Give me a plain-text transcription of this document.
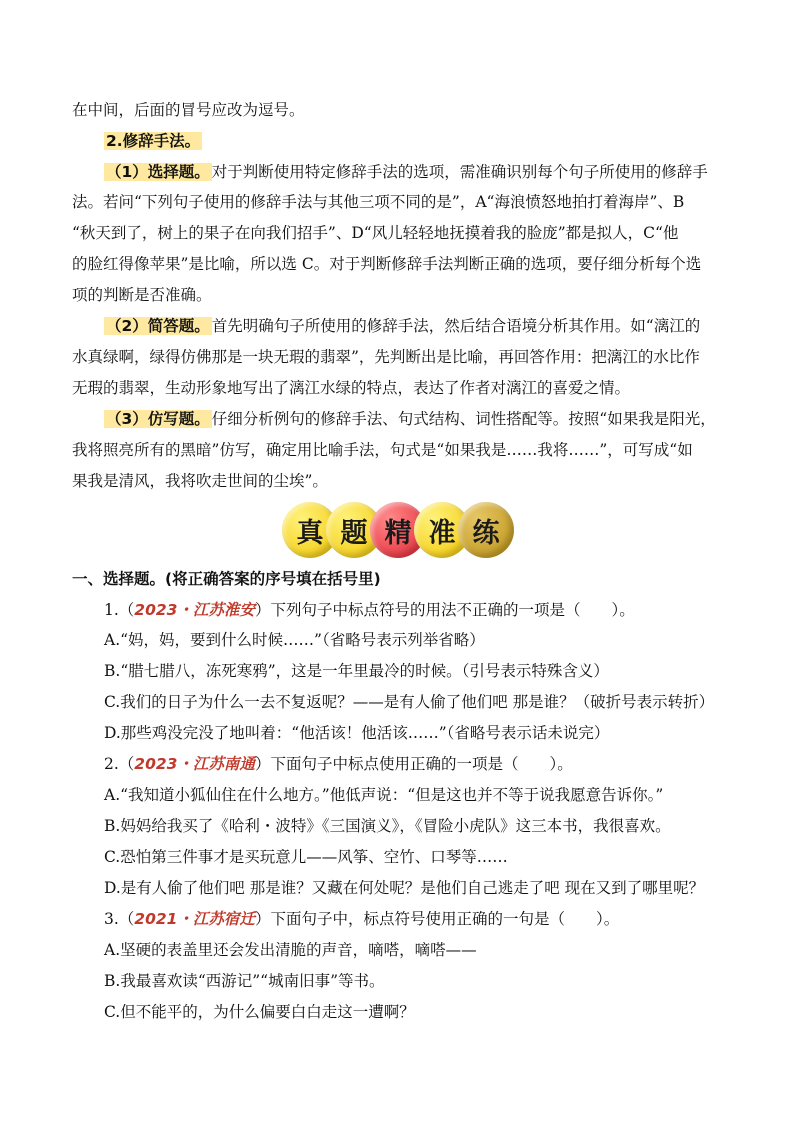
在中间，后面的冒号应改为逗号。
2.修辞手法。
（1）选择题。 对于判断使用特定修辞手法的选项，需准确识别每个句子所使用的修辞手
法。若问“下列句子使用的修辞手法与其他三项不同的是”，A“海浪愤怒地拍打着海岸”、B
“秋天到了，树上的果子在向我们招手”、D“风儿轻轻地抚摸着我的脸庞”都是拟人，C“他
的脸红得像苹果”是比喻，所以选 C。对于判断修辞手法判断正确的选项，要仔细分析每个选
项的判断是否准确。
（2）简答题。 首先明确句子所使用的修辞手法，然后结合语境分析其作用。如“漓江的
水真绿啊，绿得仿佛那是一块无瑕的翡翠”，先判断出是比喻，再回答作用：把漓江的水比作
无瑕的翡翠，生动形象地写出了漓江水绿的特点，表达了作者对漓江的喜爱之情。
（3）仿写题。 仔细分析例句的修辞手法、句式结构、词性搭配等。按照“如果我是阳光，
我将照亮所有的黑暗”仿写，确定用比喻手法，句式是“如果我是……我将……”，可写成“如
果我是清风，我将吹走世间的尘埃”。
真 题 精 准 练
一、选择题。(将正确答案的序号填在括号里)
1.（2023・江苏淮安）下列句子中标点符号的用法不正确的一项是（　　）。
A.“妈，妈，要到什么时候……”（省略号表示列举省略）
B.“腊七腊八，冻死寒鸦”，这是一年里最冷的时候。（引号表示特殊含义）
C.我们的日子为什么一去不复返呢？——是有人偷了他们吧 那是谁？（破折号表示转折）
D.那些鸡没完没了地叫着：“他活该！他活该……”（省略号表示话未说完）
2.（2023・江苏南通）下面句子中标点使用正确的一项是（　　）。
A.“我知道小狐仙住在什么地方。”他低声说：“但是这也并不等于说我愿意告诉你。”
B.妈妈给我买了《哈利・波特》《三国演义》，《冒险小虎队》这三本书，我很喜欢。
C.恐怕第三件事才是买玩意儿——风筝、空竹、口琴等……
D.是有人偷了他们吧 那是谁？又藏在何处呢？是他们自己逃走了吧 现在又到了哪里呢？
3.（2021・江苏宿迁）下面句子中，标点符号使用正确的一句是（　　）。
A.坚硬的表盖里还会发出清脆的声音，嘀嗒，嘀嗒——
B.我最喜欢读“西游记”“城南旧事”等书。
C.但不能平的，为什么偏要白白走这一遭啊？
